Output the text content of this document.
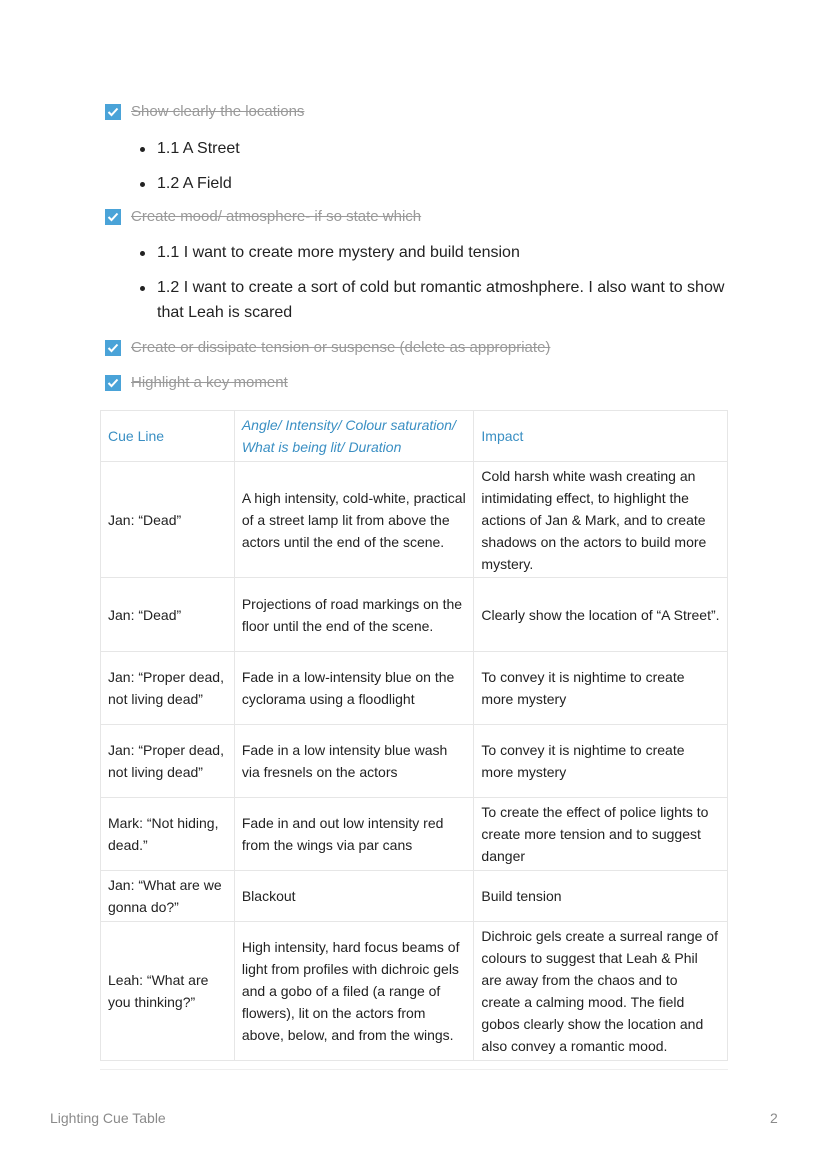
Show clearly the locations
1.1 A Street
1.2 A Field
Create mood/ atmosphere- if so state which
1.1 I want to create more mystery and build tension
1.2 I want to create a sort of cold but romantic atmoshphere. I also want to show that Leah is scared
Create or dissipate tension or suspense (delete as appropriate)
Highlight a key moment
Cue Line	Angle/ Intensity/ Colour saturation/ What is being lit/ Duration	Impact
Jan: “Dead”	A high intensity, cold-white, practical of a street lamp lit from above the actors until the end of the scene.	Cold harsh white wash creating an intimidating effect, to highlight the actions of Jan & Mark, and to create shadows on the actors to build more mystery.
Jan: “Dead”	Projections of road markings on the floor until the end of the scene.	Clearly show the location of “A Street”.
Jan: “Proper dead, not living dead”	Fade in a low-intensity blue on the cyclorama using a floodlight	To convey it is nightime to create more mystery
Jan: “Proper dead, not living dead”	Fade in a low intensity blue wash via fresnels on the actors	To convey it is nightime to create more mystery
Mark: “Not hiding, dead.”	Fade in and out low intensity red from the wings via par cans	To create the effect of police lights to create more tension and to suggest danger
Jan: “What are we gonna do?”	Blackout	Build tension
Leah: “What are you thinking?”	High intensity, hard focus beams of light from profiles with dichroic gels and a gobo of a filed (a range of flowers), lit on the actors from above, below, and from the wings.	Dichroic gels create a surreal range of colours to suggest that Leah & Phil are away from the chaos and to create a calming mood. The field gobos clearly show the location and also convey a romantic mood.
Lighting Cue Table	2
